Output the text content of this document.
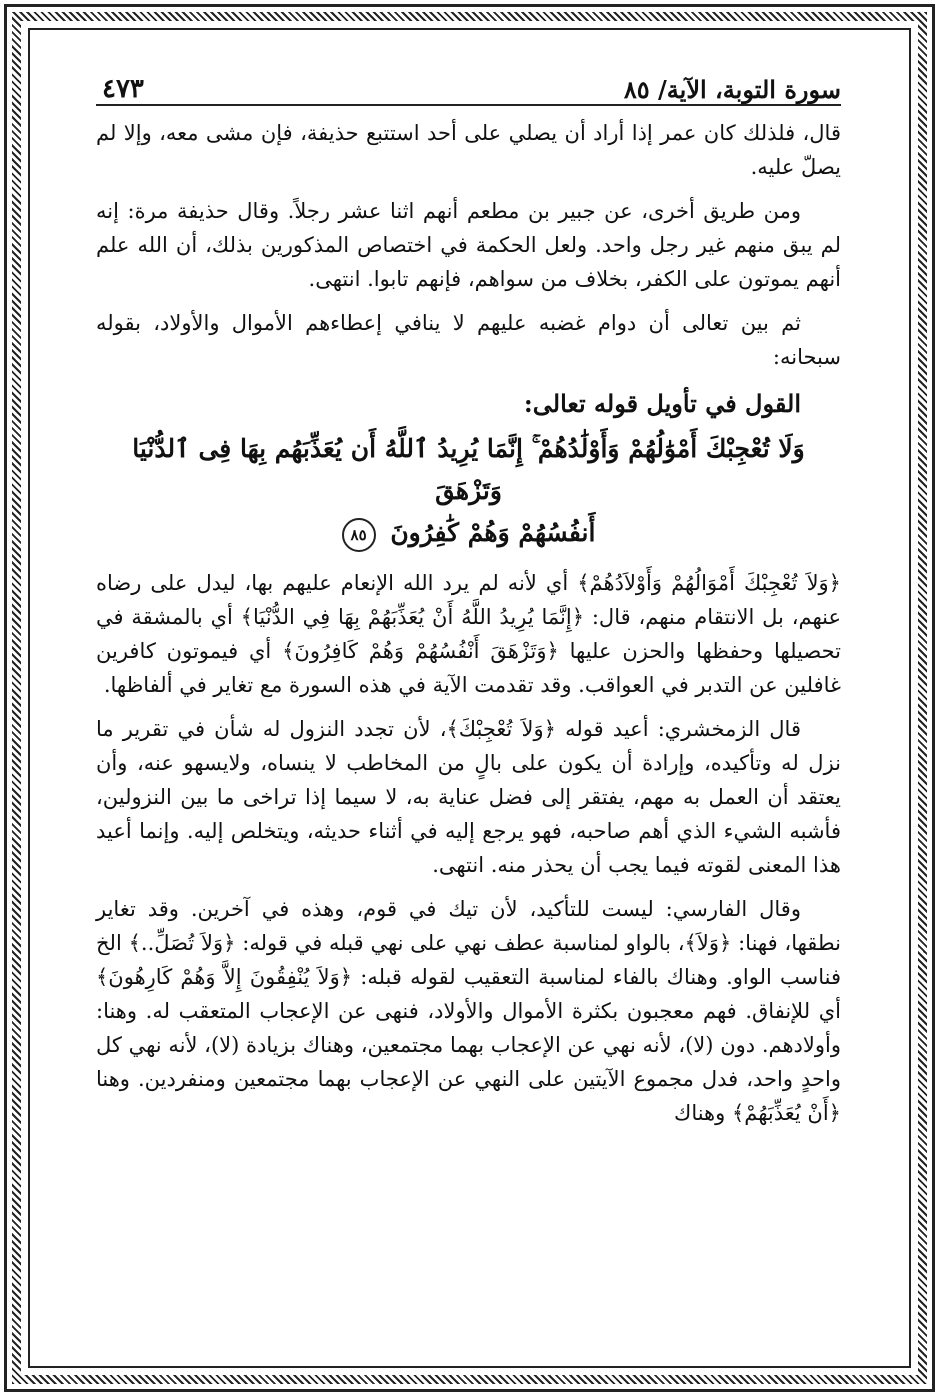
سورة التوبة، الآية/ ٨٥
٤٧٣

قال، فلذلك كان عمر إذا أراد أن يصلي على أحد استتبع حذيفة، فإن مشى معه، وإلا لم يصلّ عليه.

ومن طريق أخرى، عن جبير بن مطعم أنهم اثنا عشر رجلاً. وقال حذيفة مرة: إنه لم يبق منهم غير رجل واحد. ولعل الحكمة في اختصاص المذكورين بذلك، أن الله علم أنهم يموتون على الكفر، بخلاف من سواهم، فإنهم تابوا. انتهى.

ثم بين تعالى أن دوام غضبه عليهم لا ينافي إعطاءهم الأموال والأولاد، بقوله سبحانه:

القول في تأويل قوله تعالى:
وَلَا تُعْجِبْكَ أَمْوَٰلُهُمْ وَأَوْلَٰدُهُمْ ۚ إِنَّمَا يُرِيدُ ٱللَّهُ أَن يُعَذِّبَهُم بِهَا فِى ٱلدُّنْيَا وَتَزْهَقَ
أَنفُسُهُمْ وَهُمْ كَٰفِرُونَ ٨٥

﴿وَلاَ تُعْجِبْكَ أَمْوَالُهُمْ وَأَوْلاَدُهُمْ﴾ أي لأنه لم يرد الله الإنعام عليهم بها، ليدل على رضاه عنهم، بل الانتقام منهم، قال: ﴿إِنَّمَا يُرِيدُ اللَّهُ أَنْ يُعَذِّبَهُمْ بِهَا فِي الدُّنْيَا﴾ أي بالمشقة في تحصيلها وحفظها والحزن عليها ﴿وَتَزْهَقَ أَنْفُسُهُمْ وَهُمْ كَافِرُونَ﴾ أي فيموتون كافرين غافلين عن التدبر في العواقب. وقد تقدمت الآية في هذه السورة مع تغاير في ألفاظها.

قال الزمخشري: أعيد قوله ﴿وَلاَ تُعْجِبْكَ﴾، لأن تجدد النزول له شأن في تقرير ما نزل له وتأكيده، وإرادة أن يكون على بالٍ من المخاطب لا ينساه، ولايسهو عنه، وأن يعتقد أن العمل به مهم، يفتقر إلى فضل عناية به، لا سيما إذا تراخى ما بين النزولين، فأشبه الشيء الذي أهم صاحبه، فهو يرجع إليه في أثناء حديثه، ويتخلص إليه. وإنما أعيد هذا المعنى لقوته فيما يجب أن يحذر منه. انتهى.

وقال الفارسي: ليست للتأكيد، لأن تيك في قوم، وهذه في آخرين. وقد تغاير نطقها، فهنا: ﴿وَلاَ﴾، بالواو لمناسبة عطف نهي على نهي قبله في قوله: ﴿وَلاَ تُصَلِّ..﴾ الخ فناسب الواو. وهناك بالفاء لمناسبة التعقيب لقوله قبله: ﴿وَلاَ يُنْفِقُونَ إِلاَّ وَهُمْ كَارِهُونَ﴾ أي للإنفاق. فهم معجبون بكثرة الأموال والأولاد، فنهى عن الإعجاب المتعقب له. وهنا: وأولادهم. دون (لا)، لأنه نهي عن الإعجاب بهما مجتمعين، وهناك بزيادة (لا)، لأنه نهي كل واحدٍ واحد، فدل مجموع الآيتين على النهي عن الإعجاب بهما مجتمعين ومنفردين. وهنا ﴿أَنْ يُعَذِّبَهُمْ﴾ وهناك
